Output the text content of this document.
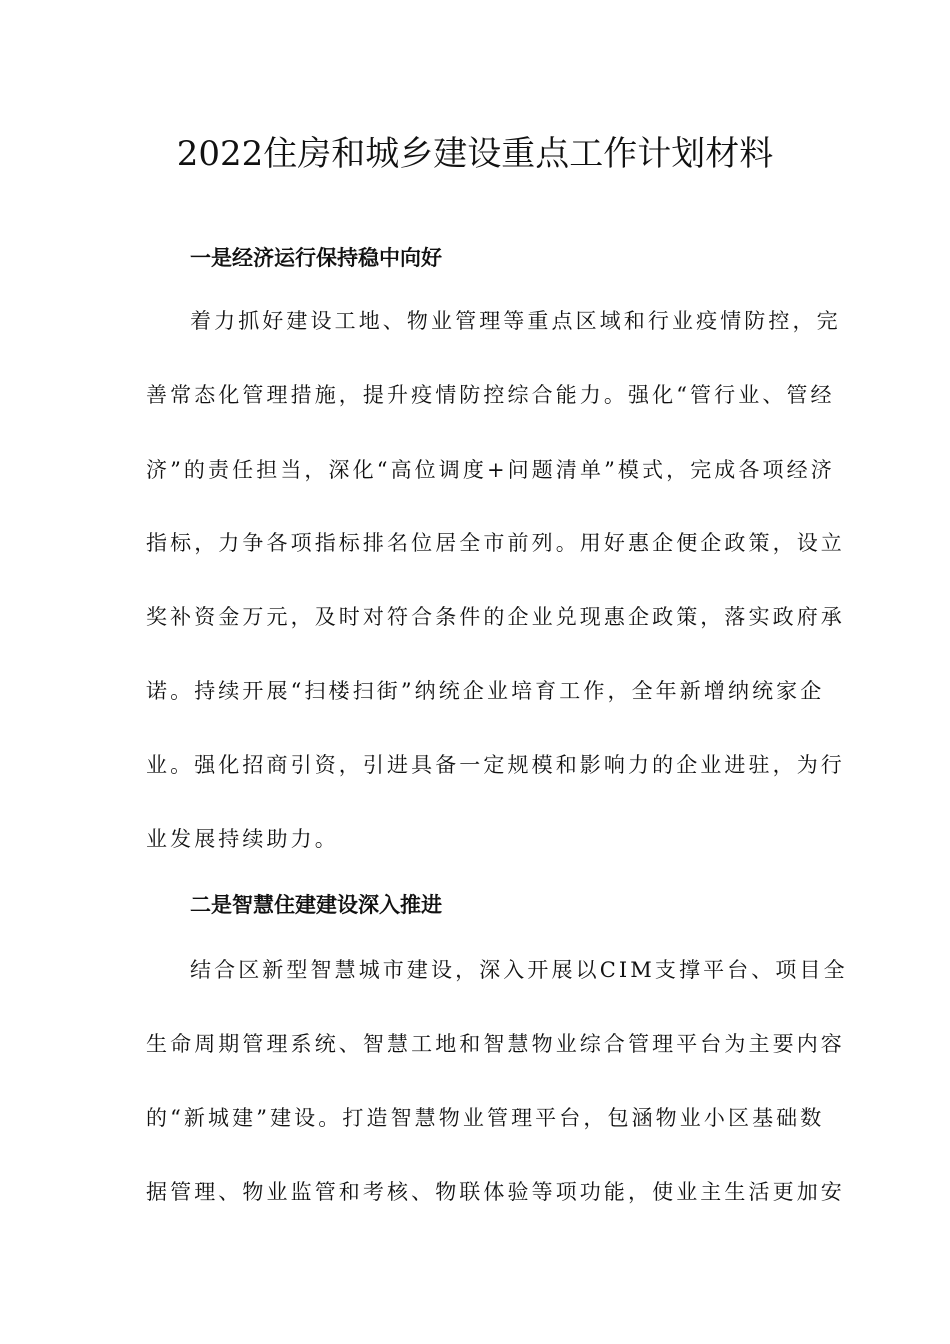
2022住房和城乡建设重点工作计划材料
一是经济运行保持稳中向好

着力抓好建设工地、物业管理等重点区域和行业疫情防控，完

善常态化管理措施，提升疫情防控综合能力。强化“管行业、管经

济”的责任担当，深化“高位调度+问题清单”模式，完成各项经济

指标，力争各项指标排名位居全市前列。用好惠企便企政策，设立

奖补资金万元，及时对符合条件的企业兑现惠企政策，落实政府承

诺。持续开展“扫楼扫街”纳统企业培育工作，全年新增纳统家企

业。强化招商引资，引进具备一定规模和影响力的企业进驻，为行

业发展持续助力。

二是智慧住建建设深入推进

结合区新型智慧城市建设，深入开展以CIM支撑平台、项目全

生命周期管理系统、智慧工地和智慧物业综合管理平台为主要内容

的“新城建”建设。打造智慧物业管理平台，包涵物业小区基础数

据管理、物业监管和考核、物联体验等项功能，使业主生活更加安
